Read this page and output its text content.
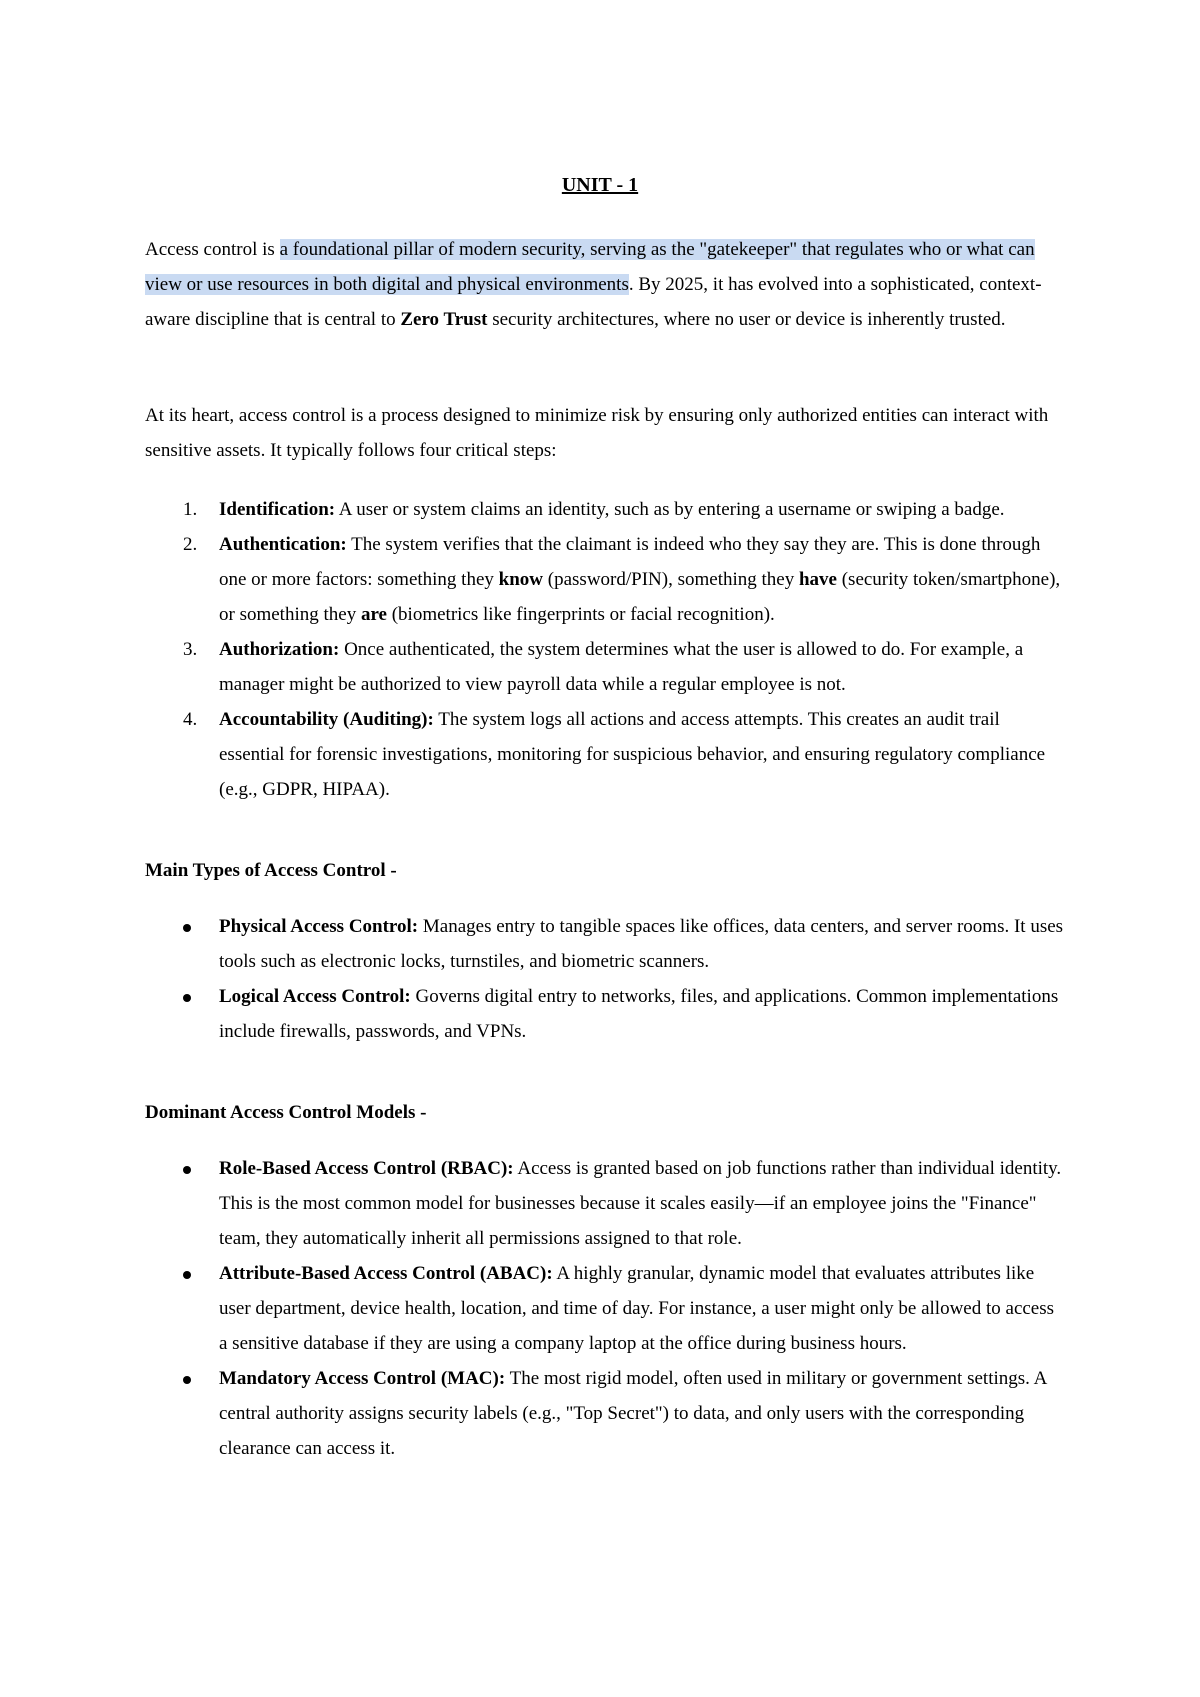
UNIT - 1

Access control is a foundational pillar of modern security, serving as the "gatekeeper" that regulates who or what can view or use resources in both digital and physical environments. By 2025, it has evolved into a sophisticated, context-aware discipline that is central to Zero Trust security architectures, where no user or device is inherently trusted.

At its heart, access control is a process designed to minimize risk by ensuring only authorized entities can interact with sensitive assets. It typically follows four critical steps:

1.	Identification: A user or system claims an identity, such as by entering a username or swiping a badge.
2.	Authentication: The system verifies that the claimant is indeed who they say they are. This is done through one or more factors: something they know (password/PIN), something they have (security token/smartphone), or something they are (biometrics like fingerprints or facial recognition).
3.	Authorization: Once authenticated, the system determines what the user is allowed to do. For example, a manager might be authorized to view payroll data while a regular employee is not.
4.	Accountability (Auditing): The system logs all actions and access attempts. This creates an audit trail essential for forensic investigations, monitoring for suspicious behavior, and ensuring regulatory compliance (e.g., GDPR, HIPAA).
Main Types of Access Control -
Physical Access Control: Manages entry to tangible spaces like offices, data centers, and server rooms. It uses tools such as electronic locks, turnstiles, and biometric scanners.
Logical Access Control: Governs digital entry to networks, files, and applications. Common implementations include firewalls, passwords, and VPNs.
Dominant Access Control Models -
Role-Based Access Control (RBAC): Access is granted based on job functions rather than individual identity. This is the most common model for businesses because it scales easily—if an employee joins the "Finance" team, they automatically inherit all permissions assigned to that role.
Attribute-Based Access Control (ABAC): A highly granular, dynamic model that evaluates attributes like user department, device health, location, and time of day. For instance, a user might only be allowed to access a sensitive database if they are using a company laptop at the office during business hours.
Mandatory Access Control (MAC): The most rigid model, often used in military or government settings. A central authority assigns security labels (e.g., "Top Secret") to data, and only users with the corresponding clearance can access it.
